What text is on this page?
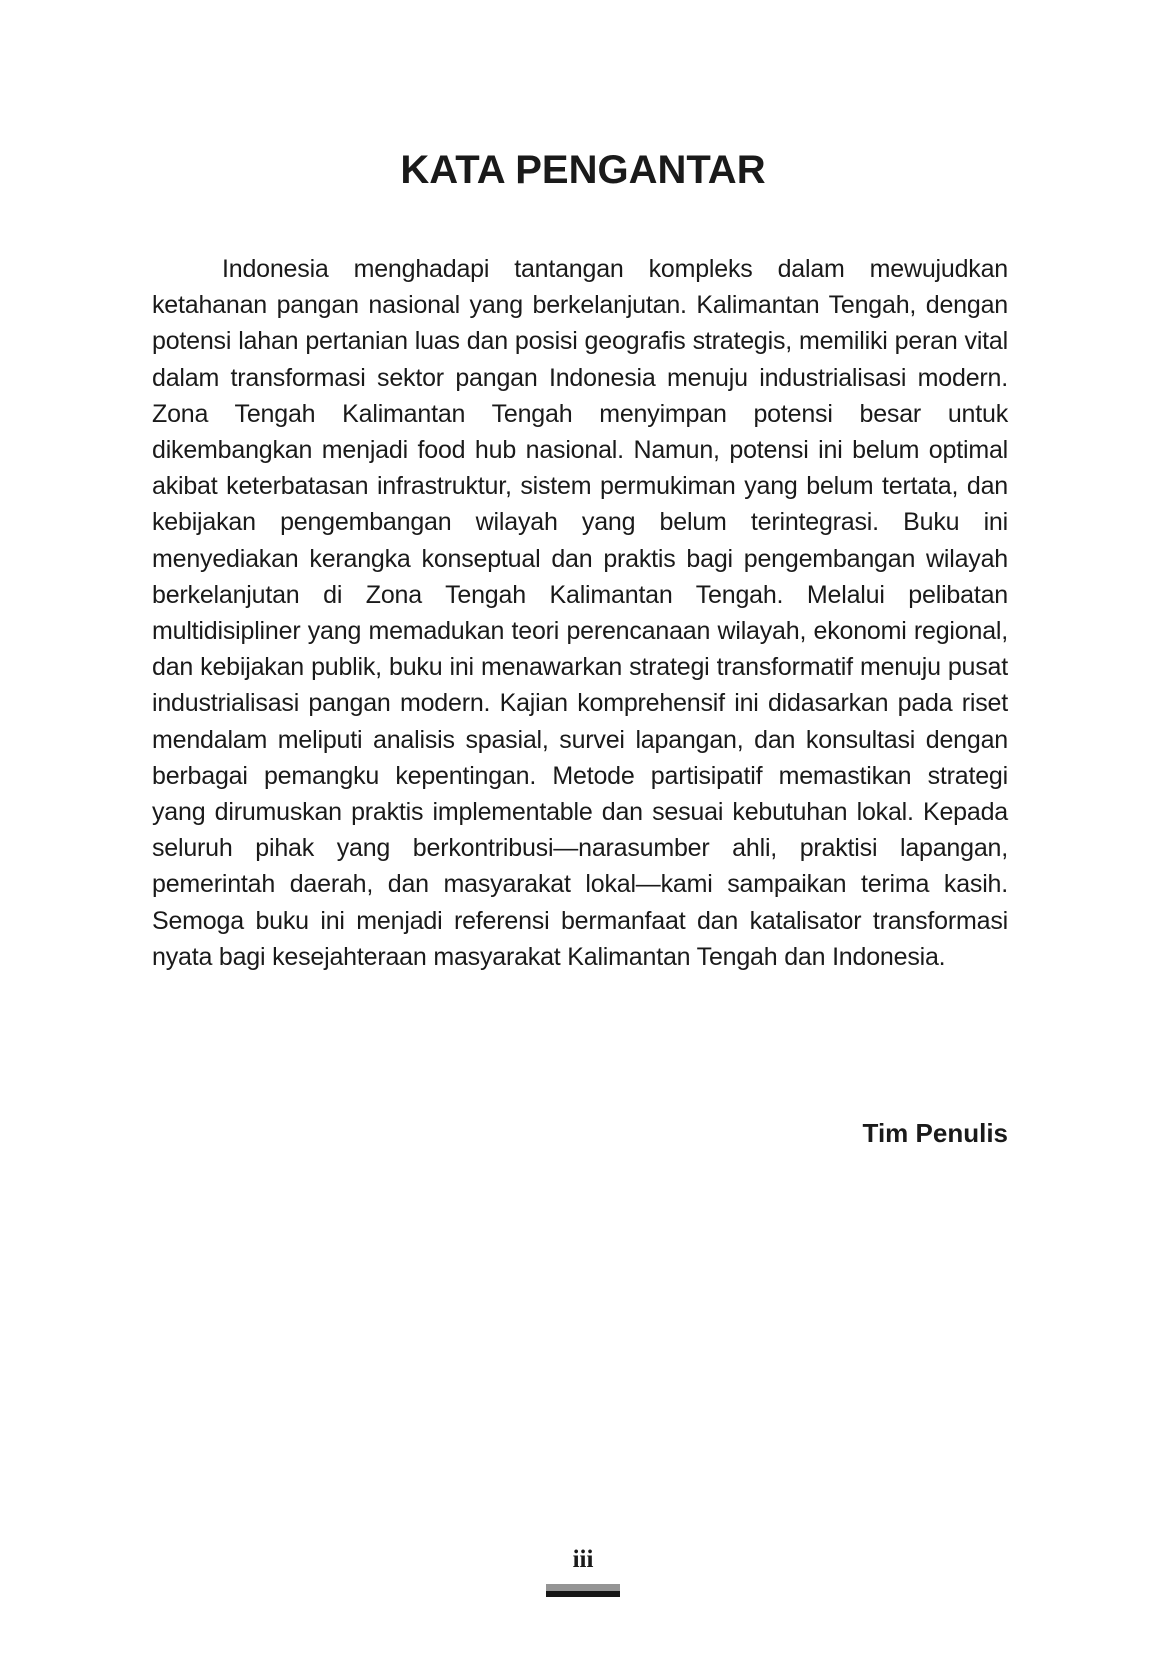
KATA PENGANTAR

Indonesia menghadapi tantangan kompleks dalam mewujudkan ketahanan pangan nasional yang berkelanjutan. Kalimantan Tengah, dengan potensi lahan pertanian luas dan posisi geografis strategis, memiliki peran vital dalam transformasi sektor pangan Indonesia menuju industrialisasi modern. Zona Tengah Kalimantan Tengah menyimpan potensi besar untuk dikembangkan menjadi food hub nasional. Namun, potensi ini belum optimal akibat keterbatasan infrastruktur, sistem permukiman yang belum tertata, dan kebijakan pengembangan wilayah yang belum terintegrasi. Buku ini menyediakan kerangka konseptual dan praktis bagi pengembangan wilayah berkelanjutan di Zona Tengah Kalimantan Tengah. Melalui pelibatan multidisipliner yang memadukan teori perencanaan wilayah, ekonomi regional, dan kebijakan publik, buku ini menawarkan strategi transformatif menuju pusat industrialisasi pangan modern. Kajian komprehensif ini didasarkan pada riset mendalam meliputi analisis spasial, survei lapangan, dan konsultasi dengan berbagai pemangku kepentingan. Metode partisipatif memastikan strategi yang dirumuskan praktis implementable dan sesuai kebutuhan lokal. Kepada seluruh pihak yang berkontribusi—narasumber ahli, praktisi lapangan, pemerintah daerah, dan masyarakat lokal—kami sampaikan terima kasih. Semoga buku ini menjadi referensi bermanfaat dan katalisator transformasi nyata bagi kesejahteraan masyarakat Kalimantan Tengah dan Indonesia.

Tim Penulis
iii
